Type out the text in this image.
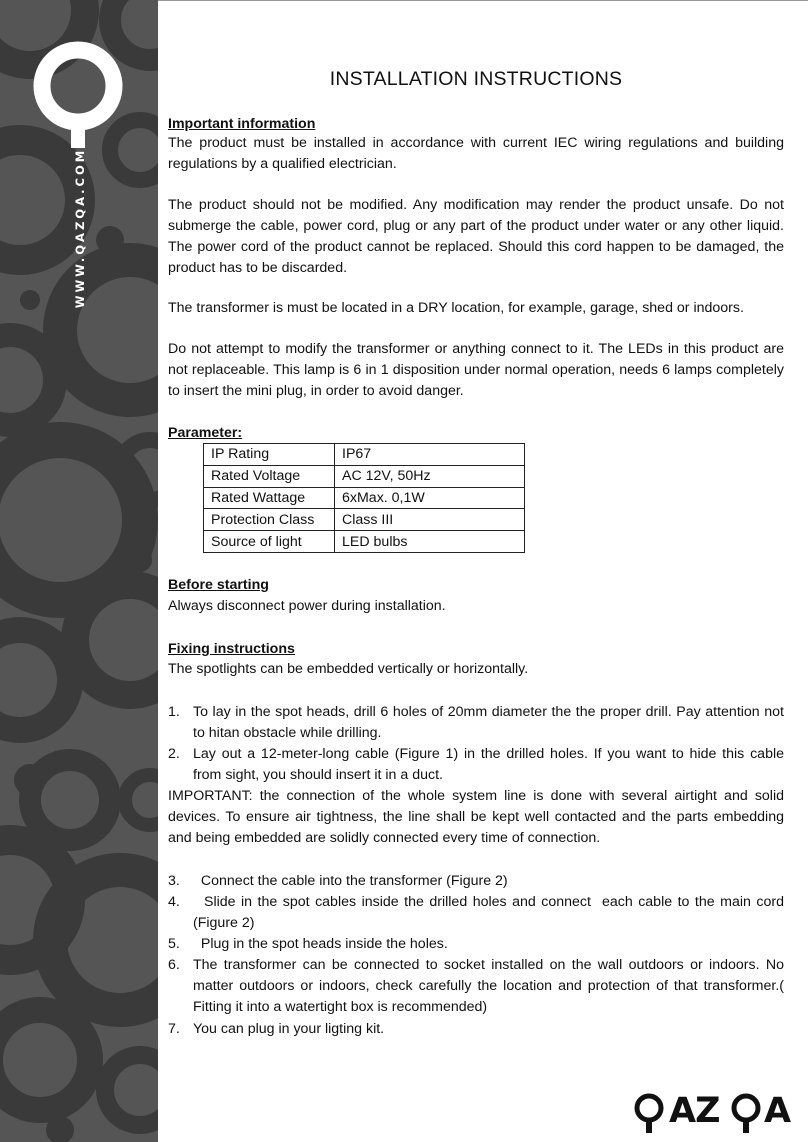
WWW.QAZQA.COM
INSTALLATION INSTRUCTIONS
Important information
The product must be installed in accordance with current IEC wiring regulations and building regulations by a qualified electrician.
The product should not be modified. Any modification may render the product unsafe. Do not submerge the cable, power cord, plug or any part of the product under water or any other liquid. The power cord of the product cannot be replaced. Should this cord happen to be damaged, the product has to be discarded.
The transformer is must be located in a DRY location, for example, garage, shed or indoors.
Do not attempt to modify the transformer or anything connect to it. The LEDs in this product are not replaceable. This lamp is 6 in 1 disposition under normal operation, needs 6 lamps completely to insert the mini plug, in order to avoid danger.
Parameter:
IP Rating	IP67
Rated Voltage	AC 12V, 50Hz
Rated Wattage	6xMax. 0,1W
Protection Class	Class III
Source of light	LED bulbs
Before starting
Always disconnect power during installation.
Fixing instructions
The spotlights can be embedded vertically or horizontally.
1. To lay in the spot heads, drill 6 holes of 20mm diameter the the proper drill. Pay attention not to hitan obstacle while drilling.
2. Lay out a 12-meter-long cable (Figure 1) in the drilled holes. If you want to hide this cable from sight, you should insert it in a duct.
IMPORTANT: the connection of the whole system line is done with several airtight and solid devices. To ensure air tightness, the line shall be kept well contacted and the parts embedding and being embedded are solidly connected every time of connection.
3. Connect the cable into the transformer (Figure 2)
4. Slide in the spot cables inside the drilled holes and connect  each cable to the main cord (Figure 2)
5. Plug in the spot heads inside the holes.
6. The transformer can be connected to socket installed on the wall outdoors or indoors. No matter outdoors or indoors, check carefully the location and protection of that transformer.( Fitting it into a watertight box is recommended)
7. You can plug in your ligting kit.
AZ A
